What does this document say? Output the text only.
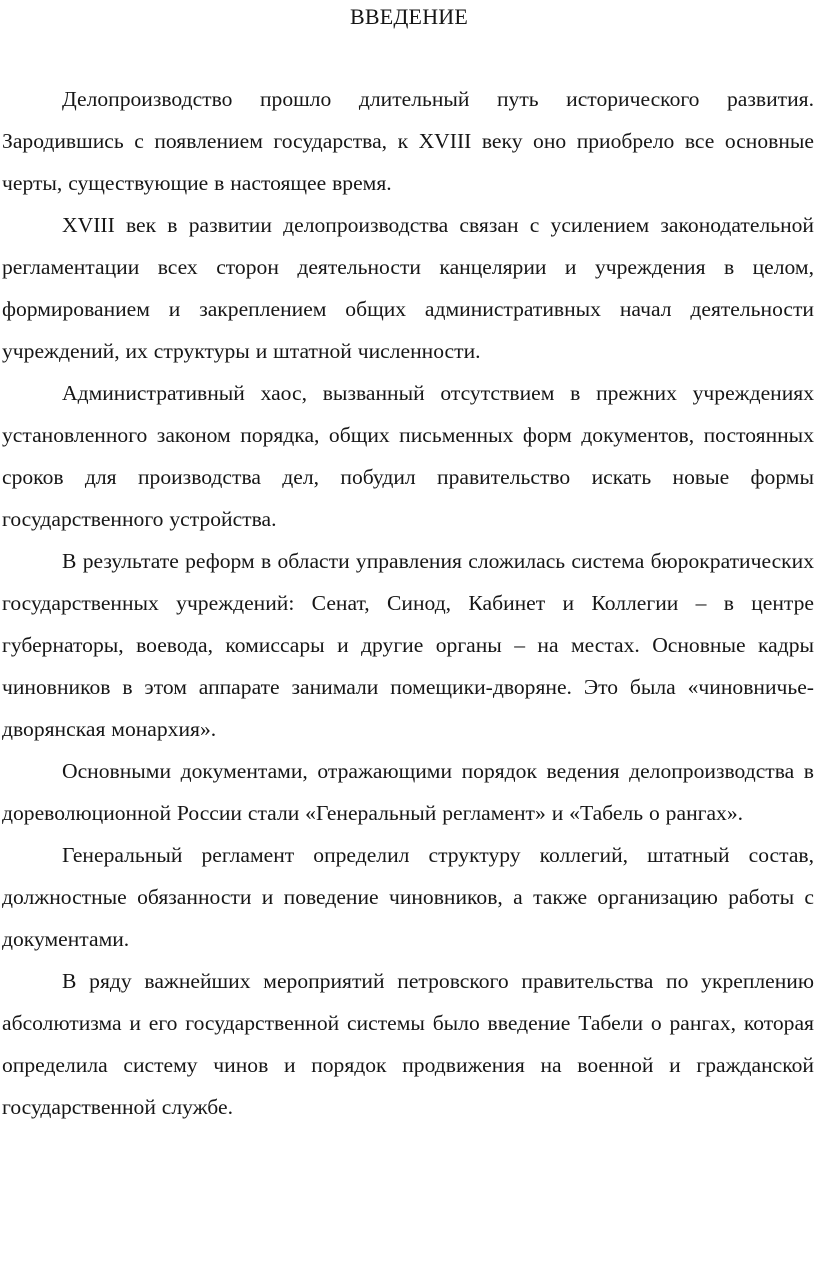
ВВЕДЕНИЕ

Делопроизводство прошло длительный путь исторического развития. Зародившись с появлением государства, к XVIII веку оно приобрело все основные черты, существующие в настоящее время.

XVIII век в развитии делопроизводства связан с усилением законодательной регламентации всех сторон деятельности канцелярии и учреждения в целом, формированием и закреплением общих административных начал деятельности учреждений, их структуры и штатной численности.

Административный хаос, вызванный отсутствием в прежних учреждениях установленного законом порядка, общих письменных форм документов, постоянных сроков для производства дел, побудил правительство искать новые формы государственного устройства.

В результате реформ в области управления сложилась система бюрократических государственных учреждений: Сенат, Синод, Кабинет и Коллегии – в центре губернаторы, воевода, комиссары и другие органы – на местах. Основные кадры чиновников в этом аппарате занимали помещики-дворяне. Это была «чиновничье-дворянская монархия».

Основными документами, отражающими порядок ведения делопроизводства в дореволюционной России стали «Генеральный регламент» и «Табель о рангах».

Генеральный регламент определил структуру коллегий, штатный состав, должностные обязанности и поведение чиновников, а также организацию работы с документами.

В ряду важнейших мероприятий петровского правительства по укреплению абсолютизма и его государственной системы было введение Табели о рангах, которая определила систему чинов и порядок продвижения на военной и гражданской государственной службе.
